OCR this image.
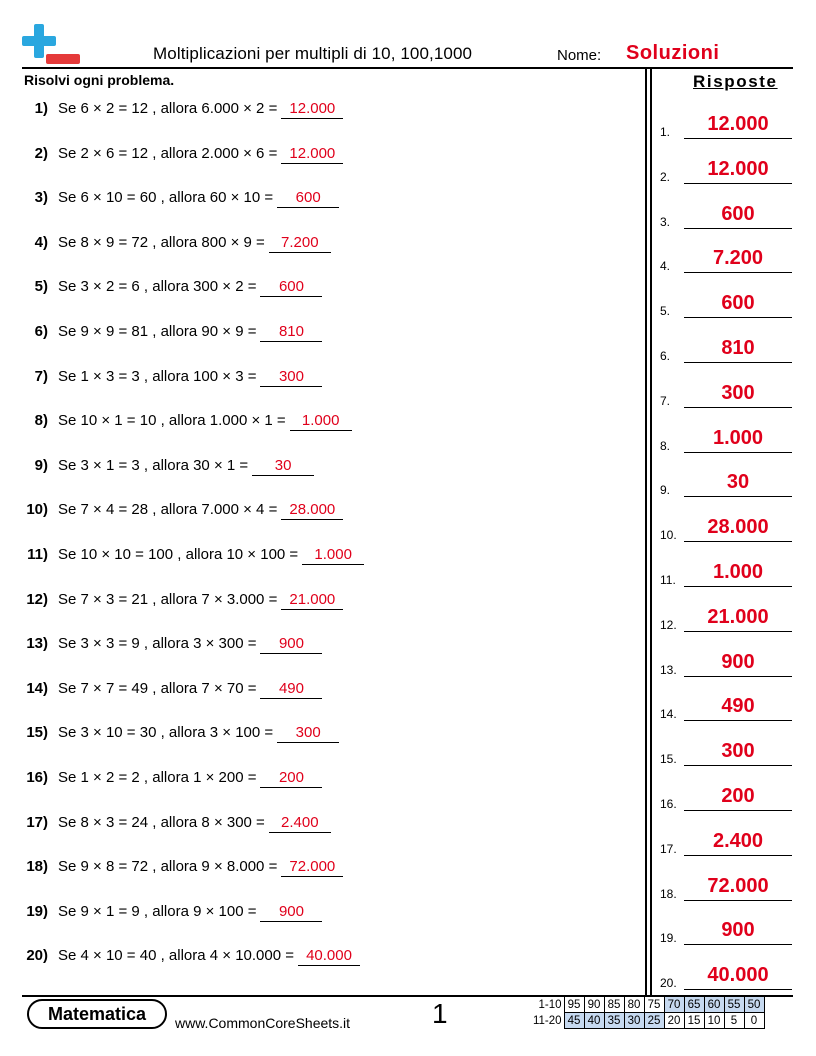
Moltiplicazioni per multipli di 10, 100,1000	Nome: Soluzioni
Risolvi ogni problema.
1) Se 6 × 2 = 12 , allora 6.000 × 2 = 12.000
2) Se 2 × 6 = 12 , allora 2.000 × 6 = 12.000
3) Se 6 × 10 = 60 , allora 60 × 10 = 600
4) Se 8 × 9 = 72 , allora 800 × 9 = 7.200
5) Se 3 × 2 = 6 , allora 300 × 2 = 600
6) Se 9 × 9 = 81 , allora 90 × 9 = 810
7) Se 1 × 3 = 3 , allora 100 × 3 = 300
8) Se 10 × 1 = 10 , allora 1.000 × 1 = 1.000
9) Se 3 × 1 = 3 , allora 30 × 1 = 30
10) Se 7 × 4 = 28 , allora 7.000 × 4 = 28.000
11) Se 10 × 10 = 100 , allora 10 × 100 = 1.000
12) Se 7 × 3 = 21 , allora 7 × 3.000 = 21.000
13) Se 3 × 3 = 9 , allora 3 × 300 = 900
14) Se 7 × 7 = 49 , allora 7 × 70 = 490
15) Se 3 × 10 = 30 , allora 3 × 100 = 300
16) Se 1 × 2 = 2 , allora 1 × 200 = 200
17) Se 8 × 3 = 24 , allora 8 × 300 = 2.400
18) Se 9 × 8 = 72 , allora 9 × 8.000 = 72.000
19) Se 9 × 1 = 9 , allora 9 × 100 = 900
20) Se 4 × 10 = 40 , allora 4 × 10.000 = 40.000
Risposte
1.	12.000
2.	12.000
3.	600
4.	7.200
5.	600
6.	810
7.	300
8.	1.000
9.	30
10.	28.000
11.	1.000
12.	21.000
13.	900
14.	490
15.	300
16.	200
17.	2.400
18.	72.000
19.	900
20.	40.000
Matematica www.CommonCoreSheets.it	1	1-10	95	90	85	80	75	70	65	60	55	50
11-20	45	40	35	30	25	20	15	10	5	0
